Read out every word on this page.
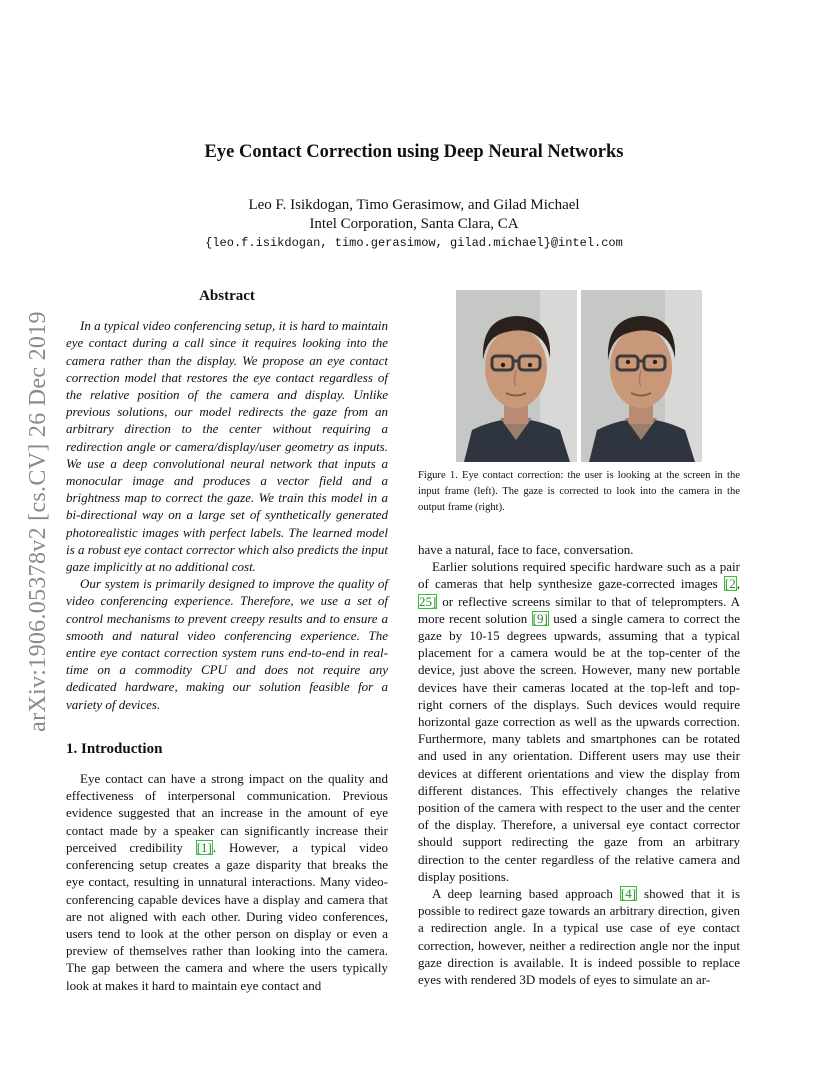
arXiv:1906.05378v2 [cs.CV] 26 Dec 2019
Eye Contact Correction using Deep Neural Networks
Leo F. Isikdogan, Timo Gerasimow, and Gilad Michael
Intel Corporation, Santa Clara, CA
{leo.f.isikdogan, timo.gerasimow, gilad.michael}@intel.com
Abstract

In a typical video conferencing setup, it is hard to maintain eye contact during a call since it requires looking into the camera rather than the display. We propose an eye contact correction model that restores the eye contact regardless of the relative position of the camera and display. Unlike previous solutions, our model redirects the gaze from an arbitrary direction to the center without requiring a redirection angle or camera/display/user geometry as inputs. We use a deep convolutional neural network that inputs a monocular image and produces a vector field and a brightness map to correct the gaze. We train this model in a bi-directional way on a large set of synthetically generated photorealistic images with perfect labels. The learned model is a robust eye contact corrector which also predicts the input gaze implicitly at no additional cost.

Our system is primarily designed to improve the quality of video conferencing experience. Therefore, we use a set of control mechanisms to prevent creepy results and to ensure a smooth and natural video conferencing experience. The entire eye contact correction system runs end-to-end in real-time on a commodity CPU and does not require any dedicated hardware, making our solution feasible for a variety of devices.

1. Introduction

Eye contact can have a strong impact on the quality and effectiveness of interpersonal communication. Previous evidence suggested that an increase in the amount of eye contact made by a speaker can significantly increase their perceived credibility [1]. However, a typical video conferencing setup creates a gaze disparity that breaks the eye contact, resulting in unnatural interactions. Many video-conferencing capable devices have a display and camera that are not aligned with each other. During video conferences, users tend to look at the other person on display or even a preview of themselves rather than looking into the camera. The gap between the camera and where the users typically look at makes it hard to maintain eye contact and

Figure 1. Eye contact correction: the user is looking at the screen in the input frame (left). The gaze is corrected to look into the camera in the output frame (right).

have a natural, face to face, conversation.

Earlier solutions required specific hardware such as a pair of cameras that help synthesize gaze-corrected images [2, 25] or reflective screens similar to that of teleprompters. A more recent solution [9] used a single camera to correct the gaze by 10-15 degrees upwards, assuming that a typical placement for a camera would be at the top-center of the device, just above the screen. However, many new portable devices have their cameras located at the top-left and top-right corners of the displays. Such devices would require horizontal gaze correction as well as the upwards correction. Furthermore, many tablets and smartphones can be rotated and used in any orientation. Different users may use their devices at different orientations and view the display from different distances. This effectively changes the relative position of the camera with respect to the user and the center of the display. Therefore, a universal eye contact corrector should support redirecting the gaze from an arbitrary direction to the center regardless of the relative camera and display positions.

A deep learning based approach [4] showed that it is possible to redirect gaze towards an arbitrary direction, given a redirection angle. In a typical use case of eye contact correction, however, neither a redirection angle nor the input gaze direction is available. It is indeed possible to replace eyes with rendered 3D models of eyes to simulate an ar-
